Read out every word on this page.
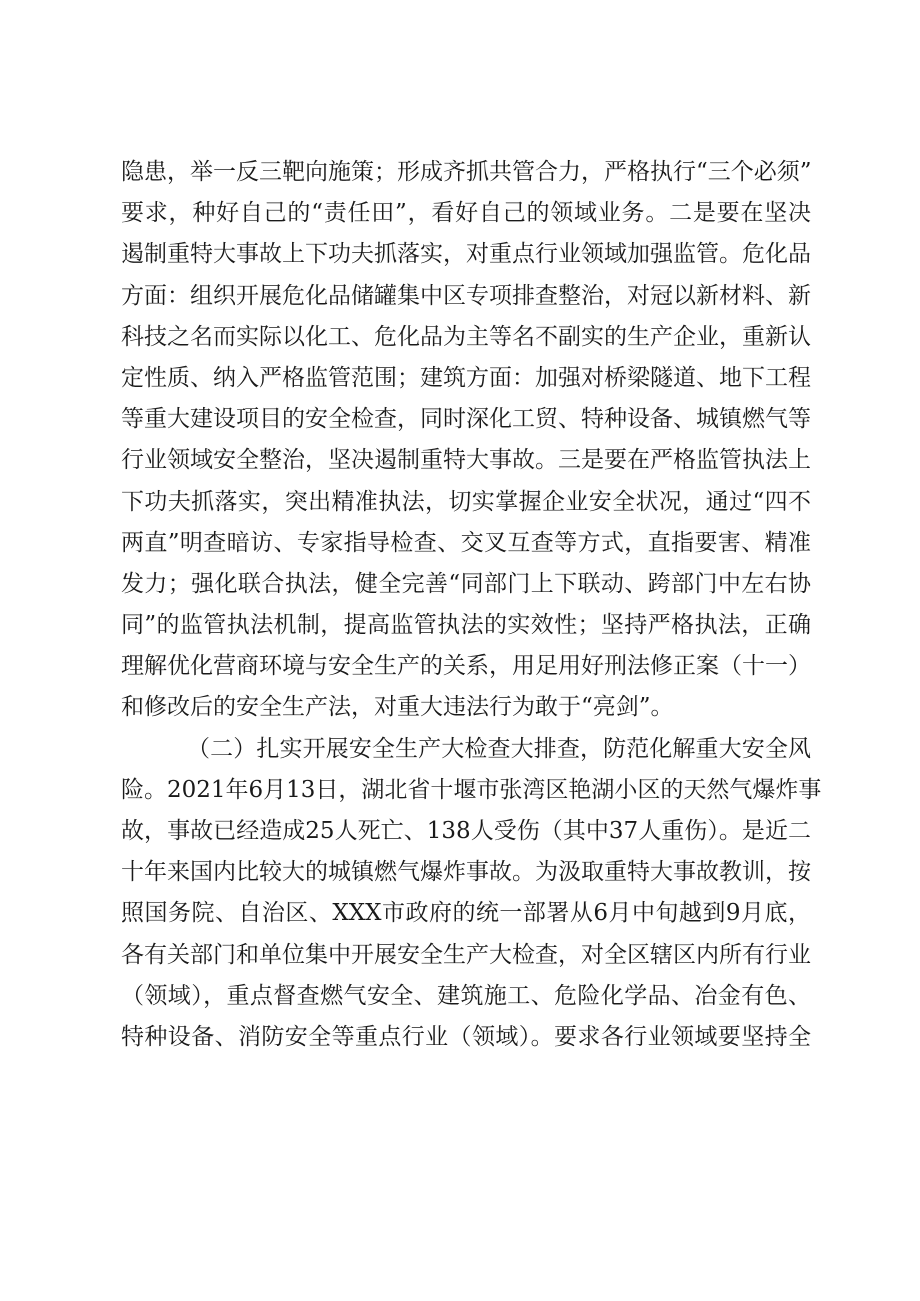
隐患，举一反三靶向施策；形成齐抓共管合力，严格执行“三个必须”
要求，种好自己的“责任田”，看好自己的领域业务。二是要在坚决
遏制重特大事故上下功夫抓落实，对重点行业领域加强监管。危化品
方面：组织开展危化品储罐集中区专项排查整治，对冠以新材料、新
科技之名而实际以化工、危化品为主等名不副实的生产企业，重新认
定性质、纳入严格监管范围；建筑方面：加强对桥梁隧道、地下工程
等重大建设项目的安全检查，同时深化工贸、特种设备、城镇燃气等
行业领域安全整治，坚决遏制重特大事故。三是要在严格监管执法上
下功夫抓落实，突出精准执法，切实掌握企业安全状况，通过“四不
两直”明查暗访、专家指导检查、交叉互查等方式，直指要害、精准
发力；强化联合执法，健全完善“同部门上下联动、跨部门中左右协
同”的监管执法机制，提高监管执法的实效性；坚持严格执法，正确
理解优化营商环境与安全生产的关系，用足用好刑法修正案（十一）
和修改后的安全生产法，对重大违法行为敢于“亮剑”。
（二）扎实开展安全生产大检查大排查，防范化解重大安全风
险。2021年6月13日，湖北省十堰市张湾区艳湖小区的天然气爆炸事
故，事故已经造成25人死亡、138人受伤（其中37人重伤）。是近二
十年来国内比较大的城镇燃气爆炸事故。为汲取重特大事故教训，按
照国务院、自治区、XXX市政府的统一部署从6月中旬越到9月底，
各有关部门和单位集中开展安全生产大检查，对全区辖区内所有行业
（领域），重点督查燃气安全、建筑施工、危险化学品、冶金有色、
特种设备、消防安全等重点行业（领域）。要求各行业领域要坚持全
